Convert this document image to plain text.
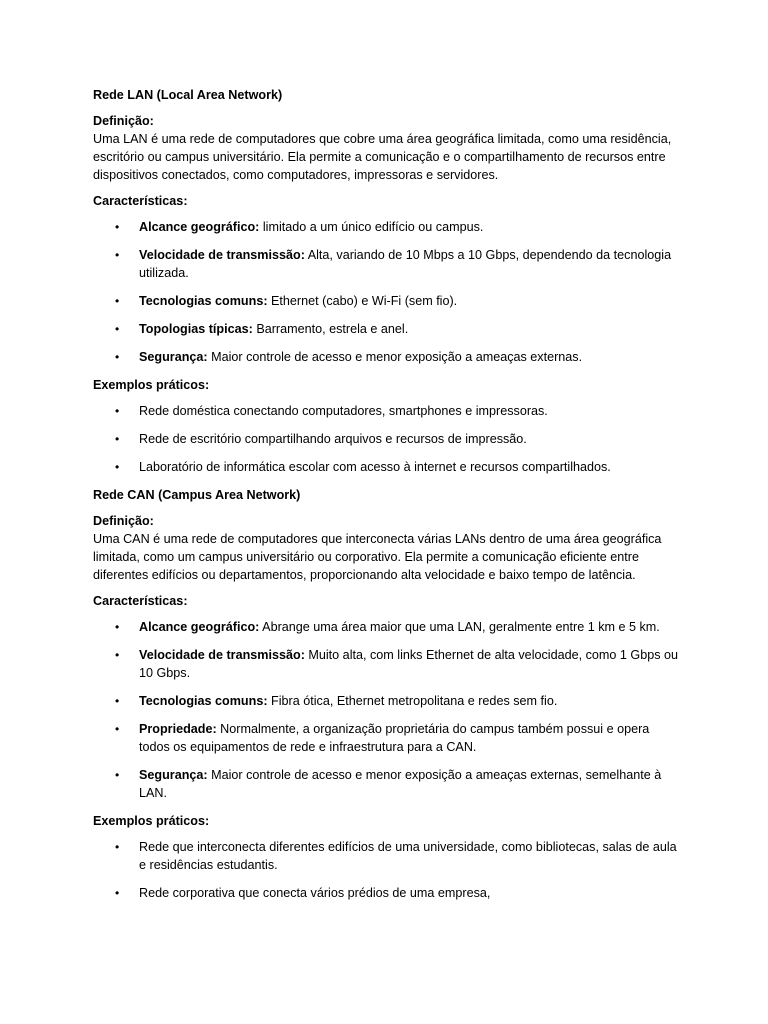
Rede LAN (Local Area Network)

Definição:
Uma LAN é uma rede de computadores que cobre uma área geográfica limitada, como uma residência, escritório ou campus universitário. Ela permite a comunicação e o compartilhamento de recursos entre dispositivos conectados, como computadores, impressoras e servidores.

Características:

• Alcance geográfico: limitado a um único edifício ou campus.
• Velocidade de transmissão: Alta, variando de 10 Mbps a 10 Gbps, dependendo da tecnologia utilizada.
• Tecnologias comuns: Ethernet (cabo) e Wi-Fi (sem fio).
• Topologias típicas: Barramento, estrela e anel.
• Segurança: Maior controle de acesso e menor exposição a ameaças externas.

Exemplos práticos:

• Rede doméstica conectando computadores, smartphones e impressoras.
• Rede de escritório compartilhando arquivos e recursos de impressão.
• Laboratório de informática escolar com acesso à internet e recursos compartilhados.

Rede CAN (Campus Area Network)

Definição:
Uma CAN é uma rede de computadores que interconecta várias LANs dentro de uma área geográfica limitada, como um campus universitário ou corporativo. Ela permite a comunicação eficiente entre diferentes edifícios ou departamentos, proporcionando alta velocidade e baixo tempo de latência.

Características:

• Alcance geográfico: Abrange uma área maior que uma LAN, geralmente entre 1 km e 5 km.
• Velocidade de transmissão: Muito alta, com links Ethernet de alta velocidade, como 1 Gbps ou 10 Gbps.
• Tecnologias comuns: Fibra ótica, Ethernet metropolitana e redes sem fio.
• Propriedade: Normalmente, a organização proprietária do campus também possui e opera todos os equipamentos de rede e infraestrutura para a CAN.
• Segurança: Maior controle de acesso e menor exposição a ameaças externas, semelhante à LAN.

Exemplos práticos:

• Rede que interconecta diferentes edifícios de uma universidade, como bibliotecas, salas de aula e residências estudantis.
• Rede corporativa que conecta vários prédios de uma empresa,
